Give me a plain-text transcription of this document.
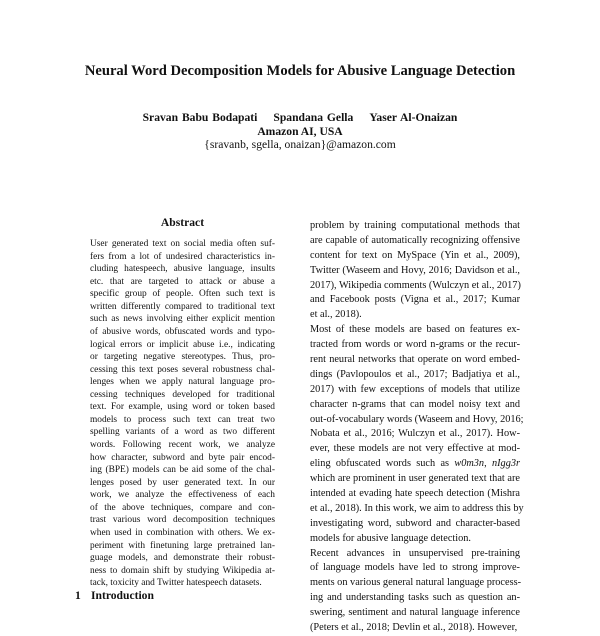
Neural Word Decomposition Models for Abusive Language Detection
Sravan Babu Bodapati Spandana Gella Yaser Al-Onaizan
Amazon AI, USA
{sravanb, sgella, onaizan}@amazon.com
Abstract
User generated text on social media often suf-
fers from a lot of undesired characteristics in-
cluding hatespeech, abusive language, insults
etc. that are targeted to attack or abuse a
specific group of people. Often such text is
written differently compared to traditional text
such as news involving either explicit mention
of abusive words, obfuscated words and typo-
logical errors or implicit abuse i.e., indicating
or targeting negative stereotypes. Thus, pro-
cessing this text poses several robustness chal-
lenges when we apply natural language pro-
cessing techniques developed for traditional
text. For example, using word or token based
models to process such text can treat two
spelling variants of a word as two different
words. Following recent work, we analyze
how character, subword and byte pair encod-
ing (BPE) models can be aid some of the chal-
lenges posed by user generated text. In our
work, we analyze the effectiveness of each
of the above techniques, compare and con-
trast various word decomposition techniques
when used in combination with others. We ex-
periment with finetuning large pretrained lan-
guage models, and demonstrate their robust-
ness to domain shift by studying Wikipedia at-
tack, toxicity and Twitter hatespeech datasets.
problem by training computational methods that
are capable of automatically recognizing offensive
content for text on MySpace (Yin et al., 2009),
Twitter (Waseem and Hovy, 2016; Davidson et al.,
2017), Wikipedia comments (Wulczyn et al., 2017)
and Facebook posts (Vigna et al., 2017; Kumar
et al., 2018).
Most of these models are based on features ex-
tracted from words or word n-grams or the recur-
rent neural networks that operate on word embed-
dings (Pavlopoulos et al., 2017; Badjatiya et al.,
2017) with few exceptions of models that utilize
character n-grams that can model noisy text and
out-of-vocabulary words (Waseem and Hovy, 2016;
Nobata et al., 2016; Wulczyn et al., 2017). How-
ever, these models are not very effective at mod-
eling obfuscated words such as w0m3n, nIgg3r
which are prominent in user generated text that are
intended at evading hate speech detection (Mishra
et al., 2018). In this work, we aim to address this by
investigating word, subword and character-based
models for abusive language detection.
Recent advances in unsupervised pre-training
of language models have led to strong improve-
ments on various general natural language process-
ing and understanding tasks such as question an-
swering, sentiment and natural language inference
(Peters et al., 2018; Devlin et al., 2018). However,
1 Introduction
